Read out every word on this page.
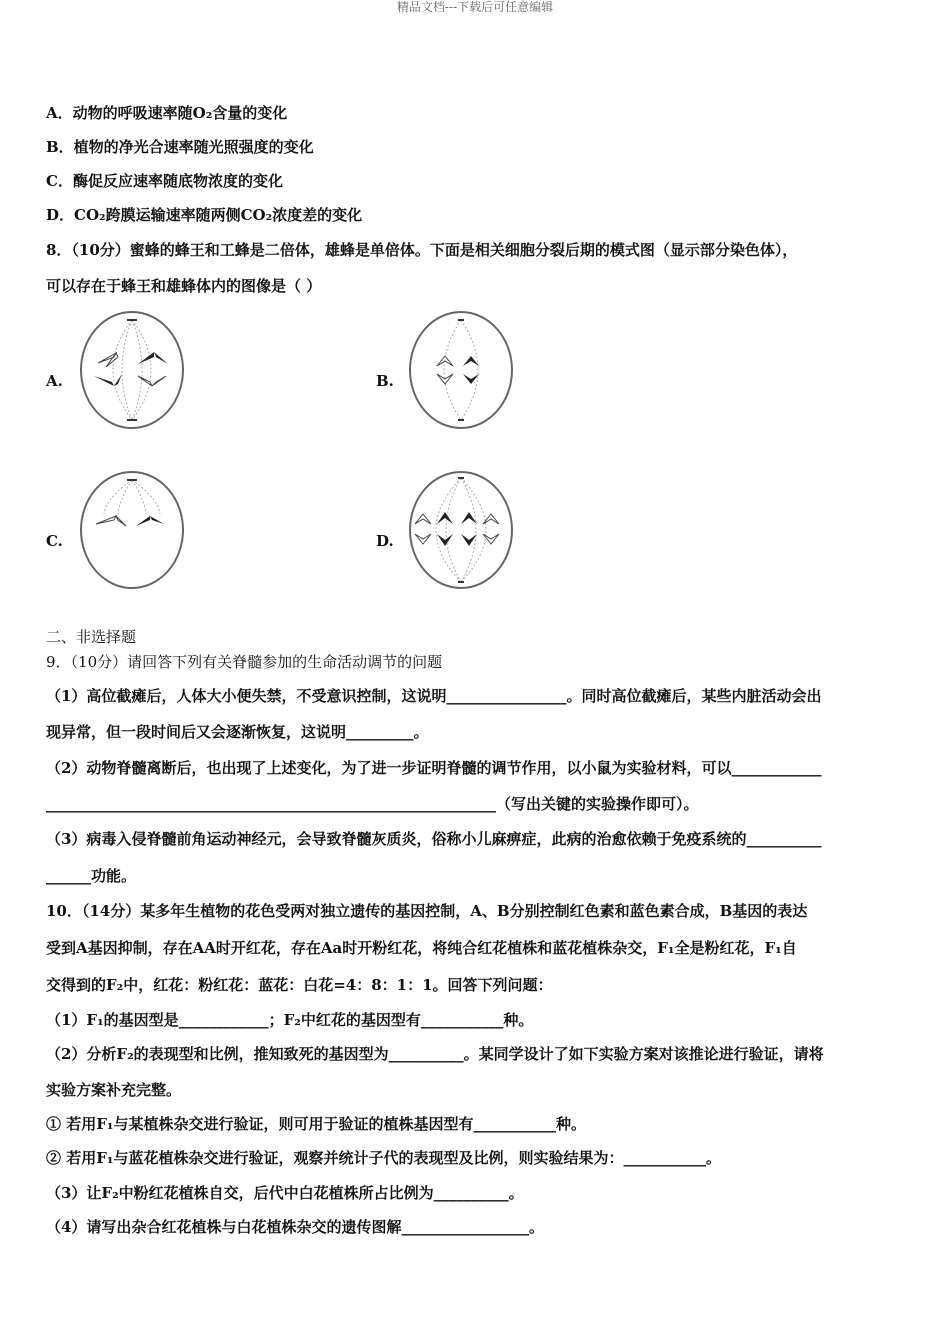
精品文档---下载后可任意编辑
A．动物的呼吸速率随O₂含量的变化
B．植物的净光合速率随光照强度的变化
C．酶促反应速率随底物浓度的变化
D．CO₂跨膜运输速率随两侧CO₂浓度差的变化
8．（10分）蜜蜂的蜂王和工蜂是二倍体，雄蜂是单倍体。下面是相关细胞分裂后期的模式图（显示部分染色体），
可以存在于蜂王和雄蜂体内的图像是（ ）
A.	B.
C.	D.
二、非选择题
9．（10分）请回答下列有关脊髓参加的生命活动调节的问题
（1）高位截瘫后，人体大小便失禁，不受意识控制，这说明________________。同时高位截瘫后，某些内脏活动会出
现异常，但一段时间后又会逐渐恢复，这说明_________。
（2）动物脊髓离断后，也出现了上述变化，为了进一步证明脊髓的调节作用，以小鼠为实验材料，可以____________
____________________________________________________________（写出关键的实验操作即可）。
（3）病毒入侵脊髓前角运动神经元，会导致脊髓灰质炎，俗称小儿麻痹症，此病的治愈依赖于免疫系统的__________
______功能。
10．（14分）某多年生植物的花色受两对独立遗传的基因控制，A、B分别控制红色素和蓝色素合成，B基因的表达
受到A基因抑制，存在AA时开红花，存在Aa时开粉红花，将纯合红花植株和蓝花植株杂交，F₁全是粉红花，F₁自
交得到的F₂中，红花：粉红花：蓝花：白花=4：8：1：1。回答下列问题：
（1）F₁的基因型是____________；F₂中红花的基因型有___________种。
（2）分析F₂的表现型和比例，推知致死的基因型为__________。某同学设计了如下实验方案对该推论进行验证，请将
实验方案补充完整。
① 若用F₁与某植株杂交进行验证，则可用于验证的植株基因型有___________种。
② 若用F₁与蓝花植株杂交进行验证，观察并统计子代的表现型及比例，则实验结果为：___________。
（3）让F₂中粉红花植株自交，后代中白花植株所占比例为__________。
（4）请写出杂合红花植株与白花植株杂交的遗传图解_________________。
